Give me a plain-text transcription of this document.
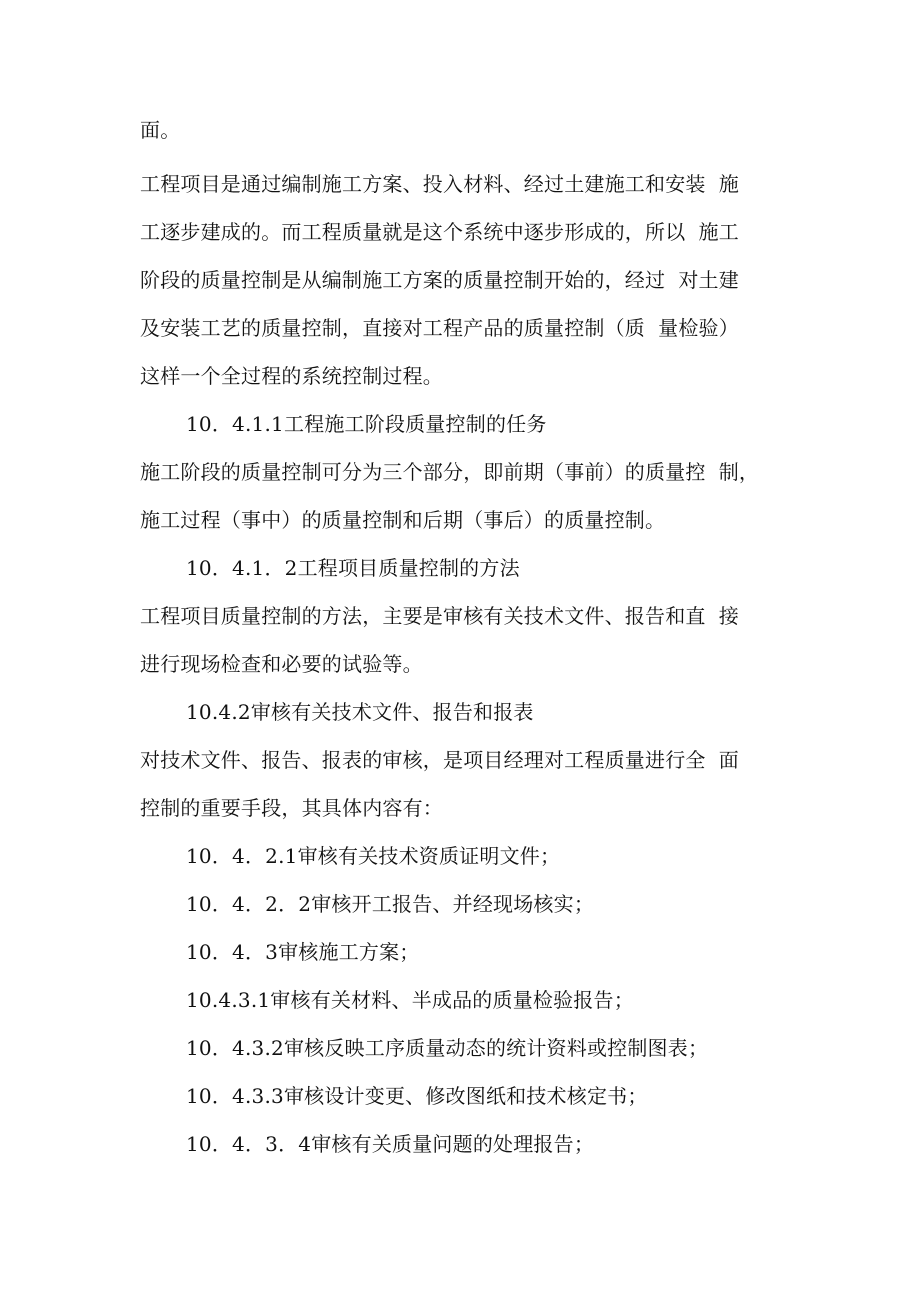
面。
工程项目是通过编制施工方案、投入材料、经过土建施工和安装  施
工逐步建成的。而工程质量就是这个系统中逐步形成的，所以  施工
阶段的质量控制是从编制施工方案的质量控制开始的，经过  对土建
及安装工艺的质量控制，直接对工程产品的质量控制（质  量检验）
这样一个全过程的系统控制过程。
10．4.1.1工程施工阶段质量控制的任务
施工阶段的质量控制可分为三个部分，即前期（事前）的质量控  制，
施工过程（事中）的质量控制和后期（事后）的质量控制。
10．4.1．2工程项目质量控制的方法
工程项目质量控制的方法，主要是审核有关技术文件、报告和直  接
进行现场检查和必要的试验等。
10.4.2审核有关技术文件、报告和报表
对技术文件、报告、报表的审核，是项目经理对工程质量进行全  面
控制的重要手段，其具体内容有：
10．4．2.1审核有关技术资质证明文件；
10．4．2．2审核开工报告、并经现场核实；
10．4．3审核施工方案；
10.4.3.1审核有关材料、半成品的质量检验报告；
10．4.3.2审核反映工序质量动态的统计资料或控制图表；
10．4.3.3审核设计变更、修改图纸和技术核定书；
10．4．3．4审核有关质量问题的处理报告；
